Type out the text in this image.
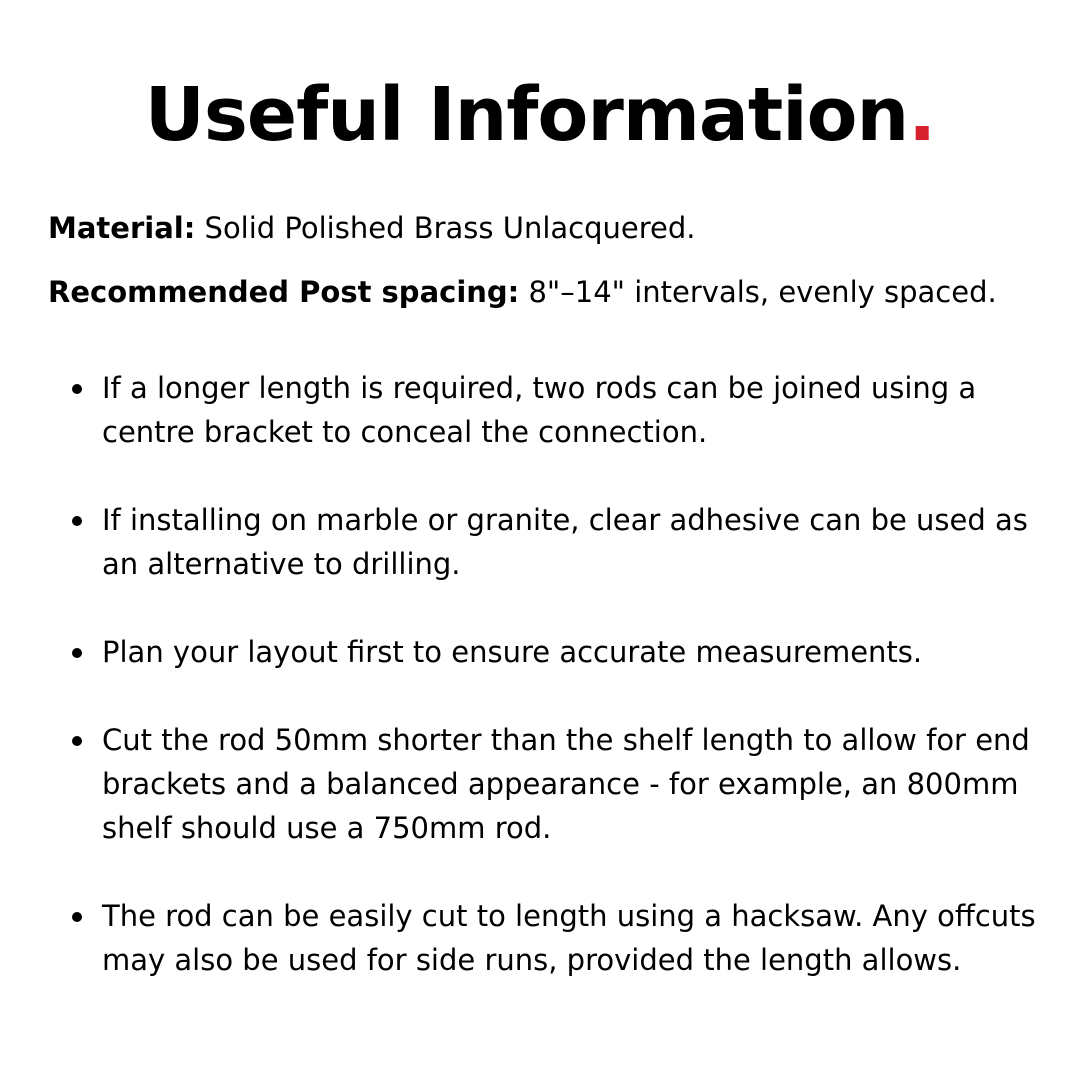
Useful Information.

Material: Solid Polished Brass Unlacquered.

Recommended Post spacing: 8"–14" intervals, evenly spaced.

If a longer length is required, two rods can be joined using a centre bracket to conceal the connection.
If installing on marble or granite, clear adhesive can be used as an alternative to drilling.
Plan your layout first to ensure accurate measurements.
Cut the rod 50mm shorter than the shelf length to allow for end brackets and a balanced appearance - for example, an 800mm shelf should use a 750mm rod.
The rod can be easily cut to length using a hacksaw. Any offcuts may also be used for side runs, provided the length allows.
